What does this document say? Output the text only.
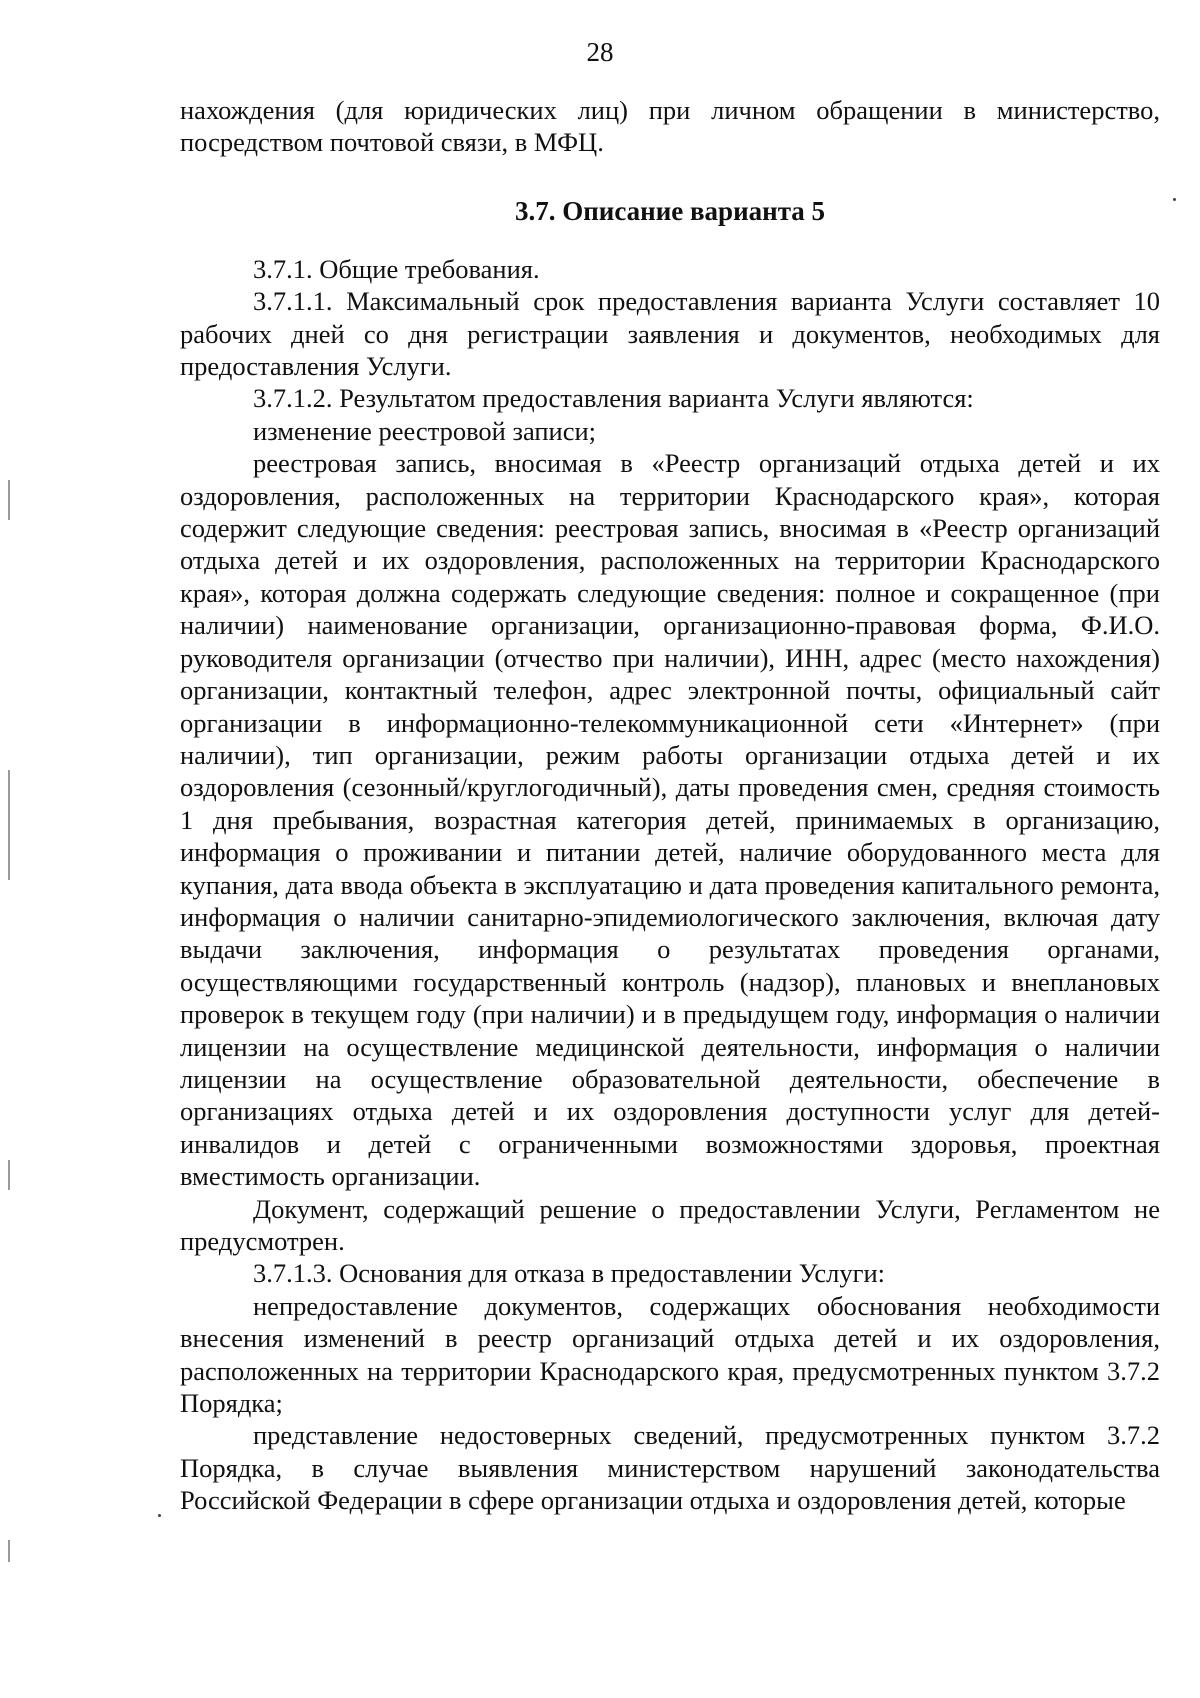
28

нахождения (для юридических лиц) при личном обращении в министерство, посредством почтовой связи, в МФЦ.

3.7. Описание варианта 5

3.7.1. Общие требования.

3.7.1.1. Максимальный срок предоставления варианта Услуги составляет 10 рабочих дней со дня регистрации заявления и документов, необходимых для предоставления Услуги.

3.7.1.2. Результатом предоставления варианта Услуги являются:

изменение реестровой записи;

реестровая запись, вносимая в «Реестр организаций отдыха детей и их оздоровления, расположенных на территории Краснодарского края», которая содержит следующие сведения: реестровая запись, вносимая в «Реестр организаций отдыха детей и их оздоровления, расположенных на территории Краснодарского края», которая должна содержать следующие сведения: полное и сокращенное (при наличии) наименование организации, организационно-правовая форма, Ф.И.О. руководителя организации (отчество при наличии), ИНН, адрес (место нахождения) организации, контактный телефон, адрес электронной почты, официальный сайт организации в информационно-телекоммуникационной сети «Интернет» (при наличии), тип организации, режим работы организации отдыха детей и их оздоровления (сезонный/круглогодичный), даты проведения смен, средняя стоимость 1 дня пребывания, возрастная категория детей, принимаемых в организацию, информация о проживании и питании детей, наличие оборудованного места для купания, дата ввода объекта в эксплуатацию и дата проведения капитального ремонта, информация о наличии санитарно-эпидемиологического заключения, включая дату выдачи заключения, информация о результатах проведения органами, осуществляющими государственный контроль (надзор), плановых и внеплановых проверок в текущем году (при наличии) и в предыдущем году, информация о наличии лицензии на осуществление медицинской деятельности, информация о наличии лицензии на осуществление образовательной деятельности, обеспечение в организациях отдыха детей и их оздоровления доступности услуг для детей-инвалидов и детей с ограниченными возможностями здоровья, проектная вместимость организации.

Документ, содержащий решение о предоставлении Услуги, Регламентом не предусмотрен.

3.7.1.3. Основания для отказа в предоставлении Услуги:

непредоставление документов, содержащих обоснования необходимости внесения изменений в реестр организаций отдыха детей и их оздоровления, расположенных на территории Краснодарского края, предусмотренных пунктом 3.7.2 Порядка;

представление недостоверных сведений, предусмотренных пунктом 3.7.2 Порядка, в случае выявления министерством нарушений законодательства Российской Федерации в сфере организации отдыха и оздоровления детей, которые
